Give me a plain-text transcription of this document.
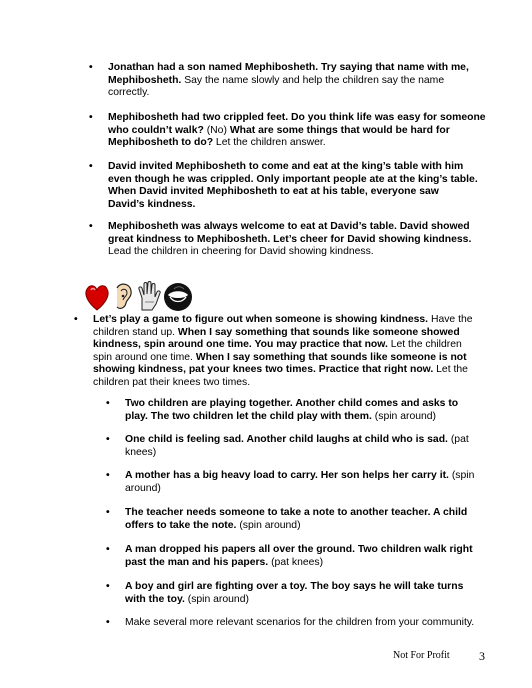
• Jonathan had a son named Mephibosheth. Try saying that name with me, Mephibosheth. Say the name slowly and help the children say the name correctly.
• Mephibosheth had two crippled feet. Do you think life was easy for someone who couldn’t walk? (No) What are some things that would be hard for Mephibosheth to do? Let the children answer.
• David invited Mephibosheth to come and eat at the king’s table with him even though he was crippled. Only important people ate at the king’s table. When David invited Mephibosheth to eat at his table, everyone saw David’s kindness.
• Mephibosheth was always welcome to eat at David’s table. David showed great kindness to Mephibosheth. Let’s cheer for David showing kindness. Lead the children in cheering for David showing kindness.
• Let’s play a game to figure out when someone is showing kindness. Have the children stand up. When I say something that sounds like someone showed kindness, spin around one time. You may practice that now. Let the children spin around one time. When I say something that sounds like someone is not showing kindness, pat your knees two times. Practice that right now. Let the children pat their knees two times.
• Two children are playing together. Another child comes and asks to play. The two children let the child play with them. (spin around)
• One child is feeling sad. Another child laughs at child who is sad. (pat knees)
• A mother has a big heavy load to carry. Her son helps her carry it. (spin around)
• The teacher needs someone to take a note to another teacher. A child offers to take the note. (spin around)
• A man dropped his papers all over the ground. Two children walk right past the man and his papers. (pat knees)
• A boy and girl are fighting over a toy. The boy says he will take turns with the toy. (spin around)
• Make several more relevant scenarios for the children from your community.
Not For Profit 3
